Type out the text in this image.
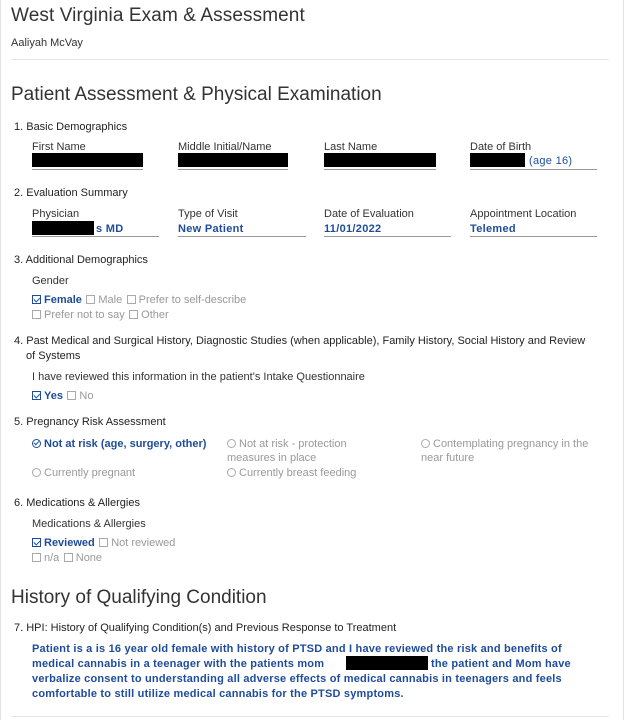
West Virginia Exam & Assessment
Aaliyah McVay
Patient Assessment & Physical Examination
1. Basic Demographics
First Name	Middle Initial/Name	Last Name	Date of Birth
(age 16)
2. Evaluation Summary
Physician
s MD
Type of Visit
New Patient
Date of Evaluation
11/01/2022
Appointment Location
Telemed
3. Additional Demographics
Gender
Female Male Prefer to self-describe
Prefer not to say Other
4. Past Medical and Surgical History, Diagnostic Studies (when applicable), Family History, Social History and Review
of Systems
I have reviewed this information in the patient's Intake Questionnaire
Yes No
5. Pregnancy Risk Assessment
Not at risk (age, surgery, other)	Not at risk - protection measures in place
Contemplating pregnancy in the near future
Currently pregnant	Currently breast feeding
6. Medications & Allergies
Medications & Allergies
Reviewed Not reviewed
n/a None
History of Qualifying Condition
7. HPI: History of Qualifying Condition(s) and Previous Response to Treatment
Patient is a is 16 year old female with history of PTSD and I have reviewed the risk and benefits of
medical cannabis in a teenager with the patients mom	the patient and Mom have
verbalize consent to understanding all adverse effects of medical cannabis in teenagers and feels
comfortable to still utilize medical cannabis for the PTSD symptoms.
